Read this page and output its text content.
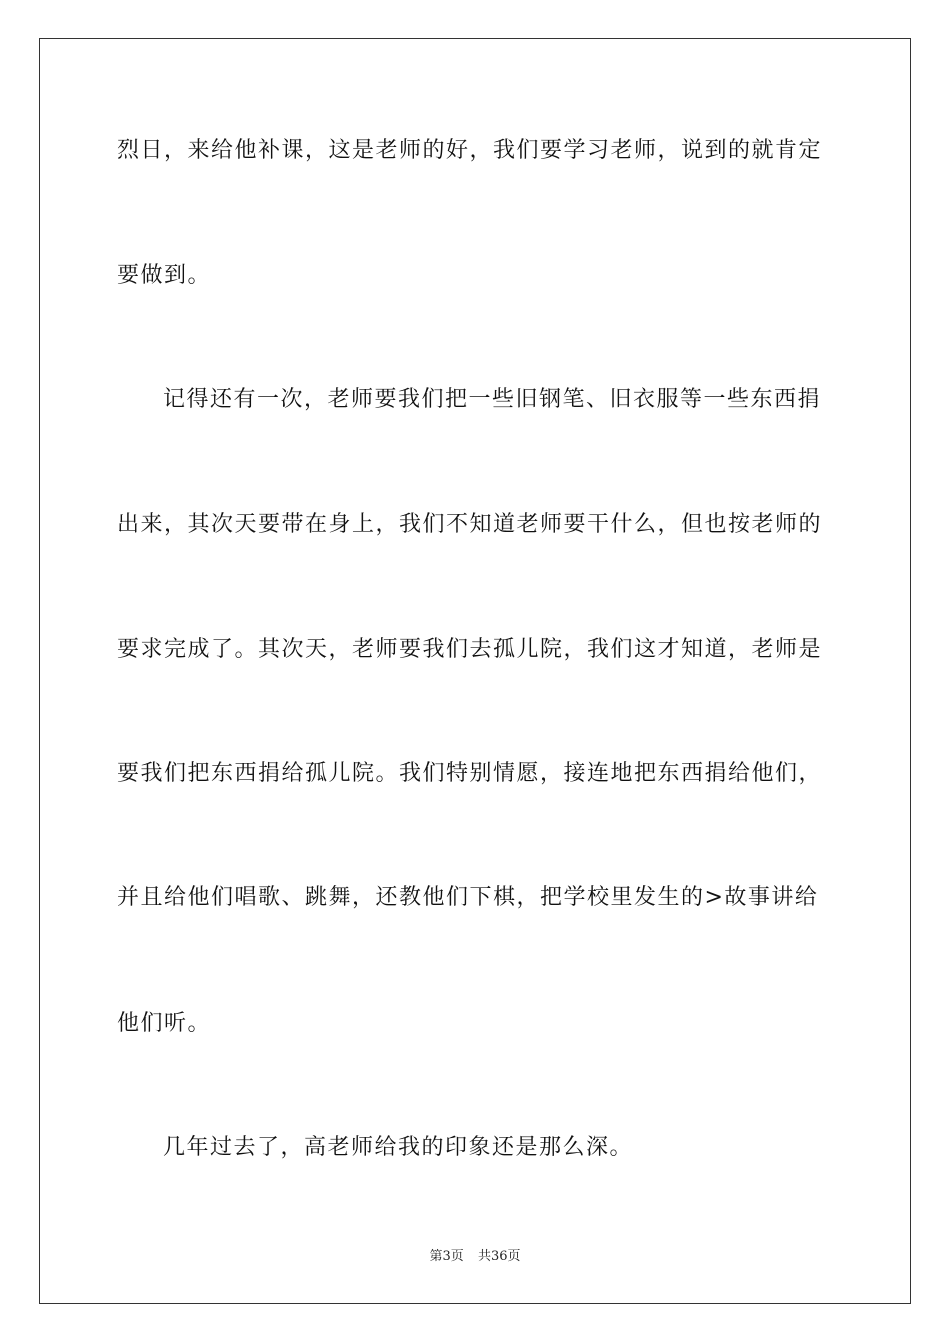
烈日，来给他补课，这是老师的好，我们要学习老师，说到的就肯定
要做到。
记得还有一次，老师要我们把一些旧钢笔、旧衣服等一些东西捐
出来，其次天要带在身上，我们不知道老师要干什么，但也按老师的
要求完成了。其次天，老师要我们去孤儿院，我们这才知道，老师是
要我们把东西捐给孤儿院。我们特别情愿，接连地把东西捐给他们，
并且给他们唱歌、跳舞，还教他们下棋，把学校里发生的>故事讲给
他们听。
几年过去了，高老师给我的印象还是那么深。
第3页 共36页
